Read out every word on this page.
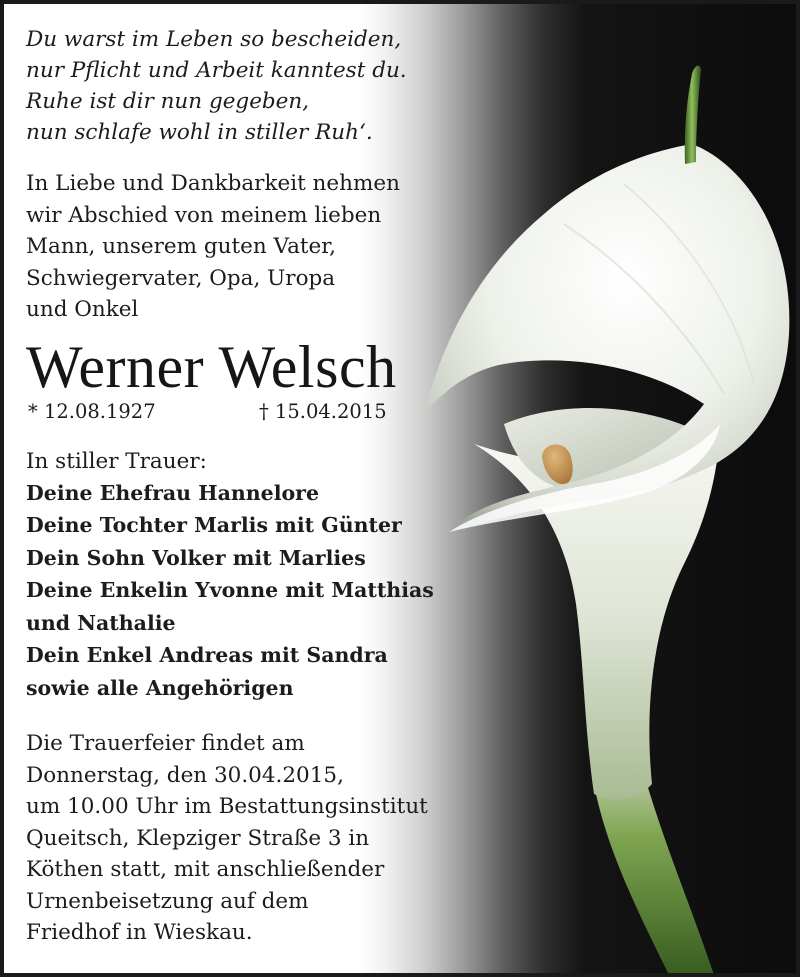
Du warst im Leben so bescheiden,
nur Pflicht und Arbeit kanntest du.
Ruhe ist dir nun gegeben,
nun schlafe wohl in stiller Ruh‘.
In Liebe und Dankbarkeit nehmen
wir Abschied von meinem lieben
Mann, unserem guten Vater,
Schwiegervater, Opa, Uropa
und Onkel
Werner Welsch
* 12.08.1927	† 15.04.2015
In stiller Trauer:
Deine Ehefrau Hannelore
Deine Tochter Marlis mit Günter
Dein Sohn Volker mit Marlies
Deine Enkelin Yvonne mit Matthias
und Nathalie
Dein Enkel Andreas mit Sandra
sowie alle Angehörigen
Die Trauerfeier findet am
Donnerstag, den 30.04.2015,
um 10.00 Uhr im Bestattungsinstitut
Queitsch, Klepziger Straße 3 in
Köthen statt, mit anschließender
Urnenbeisetzung auf dem
Friedhof in Wieskau.
